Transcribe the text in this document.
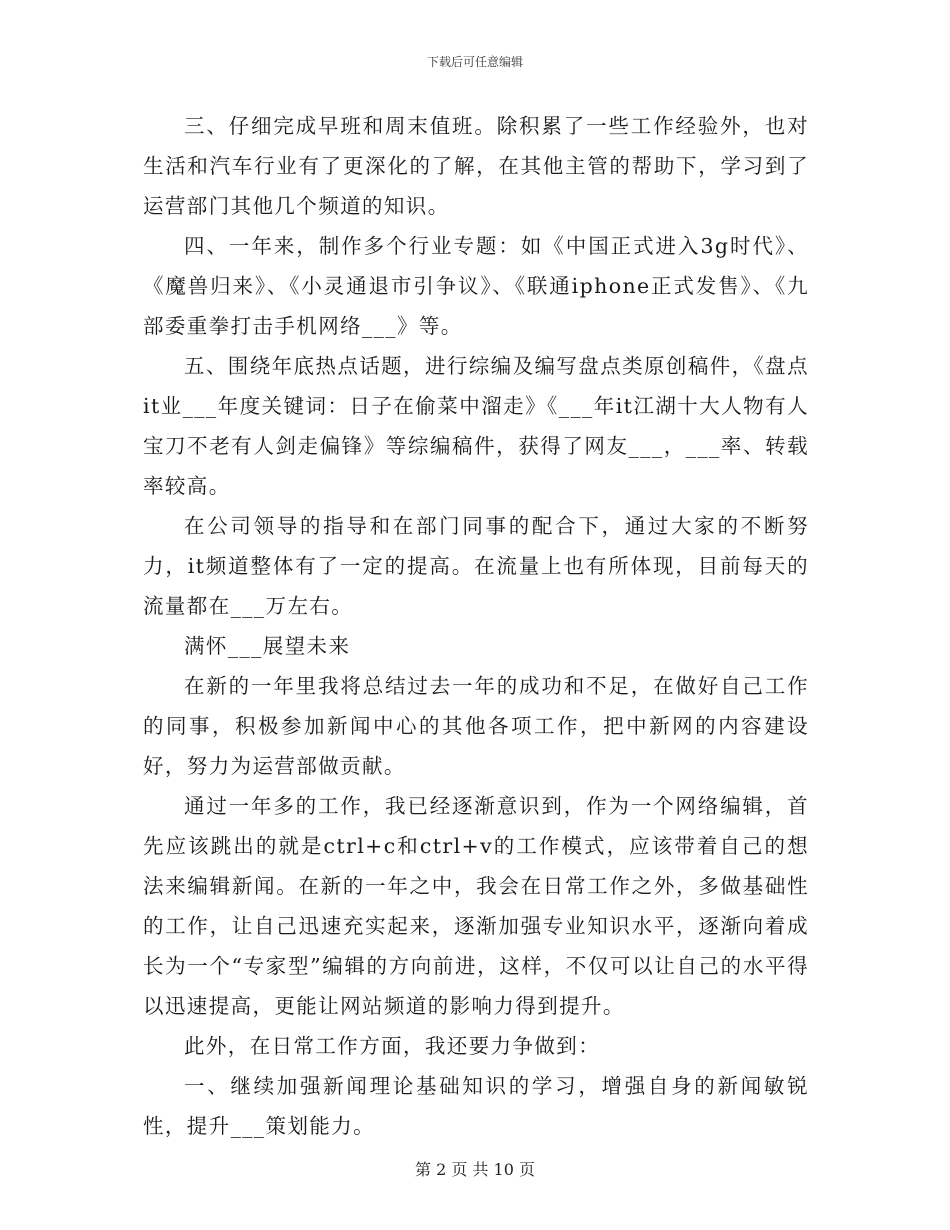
下载后可任意编辑

三、仔细完成早班和周末值班。除积累了一些工作经验外，也对生活和汽车行业有了更深化的了解，在其他主管的帮助下，学习到了运营部门其他几个频道的知识。

四、一年来，制作多个行业专题：如《中国正式进入3g时代》、《魔兽归来》、《小灵通退市引争议》、《联通iphone正式发售》、《九部委重拳打击手机网络___》等。

五、围绕年底热点话题，进行综编及编写盘点类原创稿件，《盘点it业___年度关键词：日子在偷菜中溜走》《___年it江湖十大人物有人宝刀不老有人剑走偏锋》等综编稿件，获得了网友___，___率、转载率较高。

在公司领导的指导和在部门同事的配合下，通过大家的不断努力，it频道整体有了一定的提高。在流量上也有所体现，目前每天的流量都在___万左右。

满怀___展望未来

在新的一年里我将总结过去一年的成功和不足，在做好自己工作的同事，积极参加新闻中心的其他各项工作，把中新网的内容建设好，努力为运营部做贡献。

通过一年多的工作，我已经逐渐意识到，作为一个网络编辑，首先应该跳出的就是ctrl+c和ctrl+v的工作模式，应该带着自己的想法来编辑新闻。在新的一年之中，我会在日常工作之外，多做基础性的工作，让自己迅速充实起来，逐渐加强专业知识水平，逐渐向着成长为一个“专家型”编辑的方向前进，这样，不仅可以让自己的水平得以迅速提高，更能让网站频道的影响力得到提升。

此外，在日常工作方面，我还要力争做到：

一、继续加强新闻理论基础知识的学习，增强自身的新闻敏锐性，提升___策划能力。

第 2 页 共 10 页
